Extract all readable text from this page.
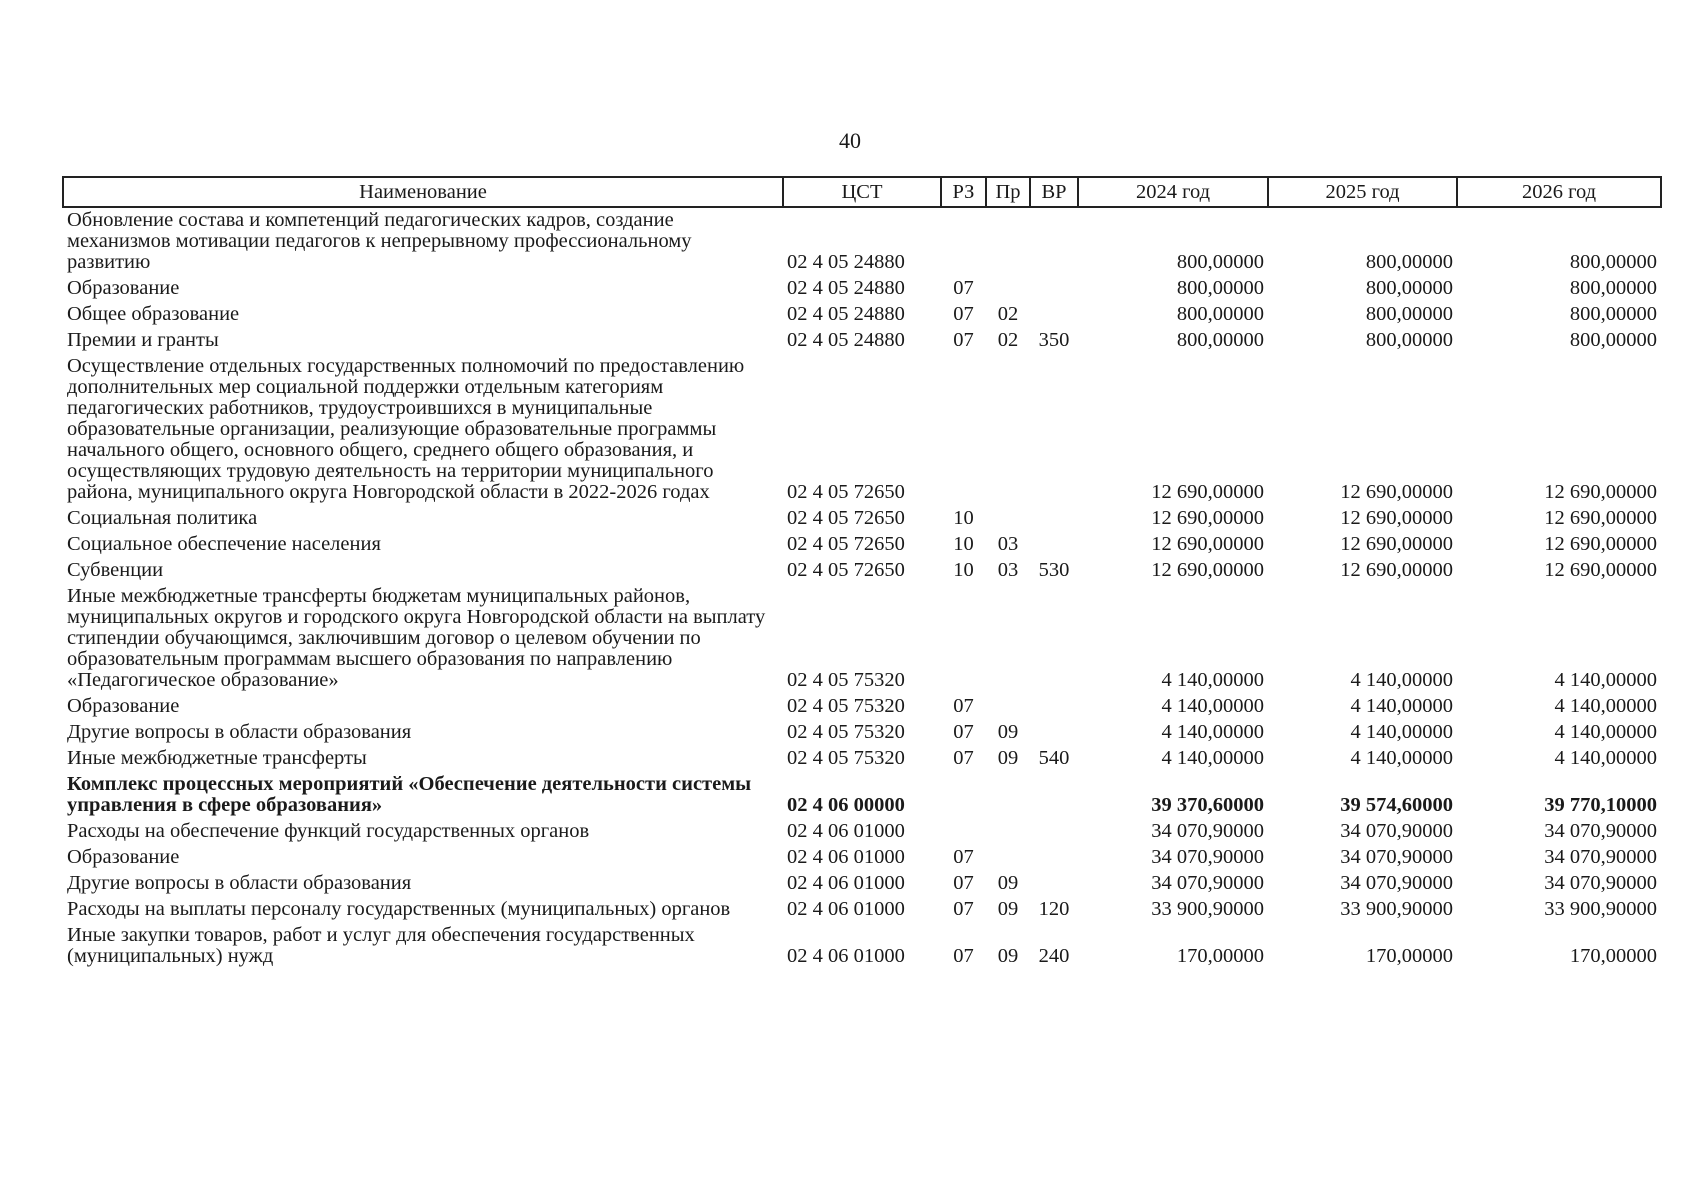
40
Наименование	ЦСТ	РЗ	Пр	ВР	2024 год	2025 год	2026 год
Обновление состава и компетенций педагогических кадров, создание механизмов мотивации педагогов к непрерывному профессиональному развитию	02 4 05 24880				800,00000	800,00000	800,00000
Образование	02 4 05 24880	07			800,00000	800,00000	800,00000
Общее образование	02 4 05 24880	07	02		800,00000	800,00000	800,00000
Премии и гранты	02 4 05 24880	07	02	350	800,00000	800,00000	800,00000
Осуществление отдельных государственных полномочий по предоставлению дополнительных мер социальной поддержки отдельным категориям педагогических работников, трудоустроившихся в муниципальные образовательные организации, реализующие образовательные программы начального общего, основного общего, среднего общего образования, и осуществляющих трудовую деятельность на территории муниципального района, муниципального округа Новгородской области в 2022-2026 годах	02 4 05 72650				12 690,00000	12 690,00000	12 690,00000
Социальная политика	02 4 05 72650	10			12 690,00000	12 690,00000	12 690,00000
Социальное обеспечение населения	02 4 05 72650	10	03		12 690,00000	12 690,00000	12 690,00000
Субвенции	02 4 05 72650	10	03	530	12 690,00000	12 690,00000	12 690,00000
Иные межбюджетные трансферты бюджетам муниципальных районов, муниципальных округов и городского округа Новгородской области на выплату стипендии обучающимся, заключившим договор о целевом обучении по образовательным программам высшего образования по направлению «Педагогическое образование»	02 4 05 75320				4 140,00000	4 140,00000	4 140,00000
Образование	02 4 05 75320	07			4 140,00000	4 140,00000	4 140,00000
Другие вопросы в области образования	02 4 05 75320	07	09		4 140,00000	4 140,00000	4 140,00000
Иные межбюджетные трансферты	02 4 05 75320	07	09	540	4 140,00000	4 140,00000	4 140,00000
Комплекс процессных мероприятий «Обеспечение деятельности системы управления в сфере образования»	02 4 06 00000				39 370,60000	39 574,60000	39 770,10000
Расходы на обеспечение функций государственных органов	02 4 06 01000				34 070,90000	34 070,90000	34 070,90000
Образование	02 4 06 01000	07			34 070,90000	34 070,90000	34 070,90000
Другие вопросы в области образования	02 4 06 01000	07	09		34 070,90000	34 070,90000	34 070,90000
Расходы на выплаты персоналу государственных (муниципальных) органов	02 4 06 01000	07	09	120	33 900,90000	33 900,90000	33 900,90000
Иные закупки товаров, работ и услуг для обеспечения государственных (муниципальных) нужд	02 4 06 01000	07	09	240	170,00000	170,00000	170,00000
